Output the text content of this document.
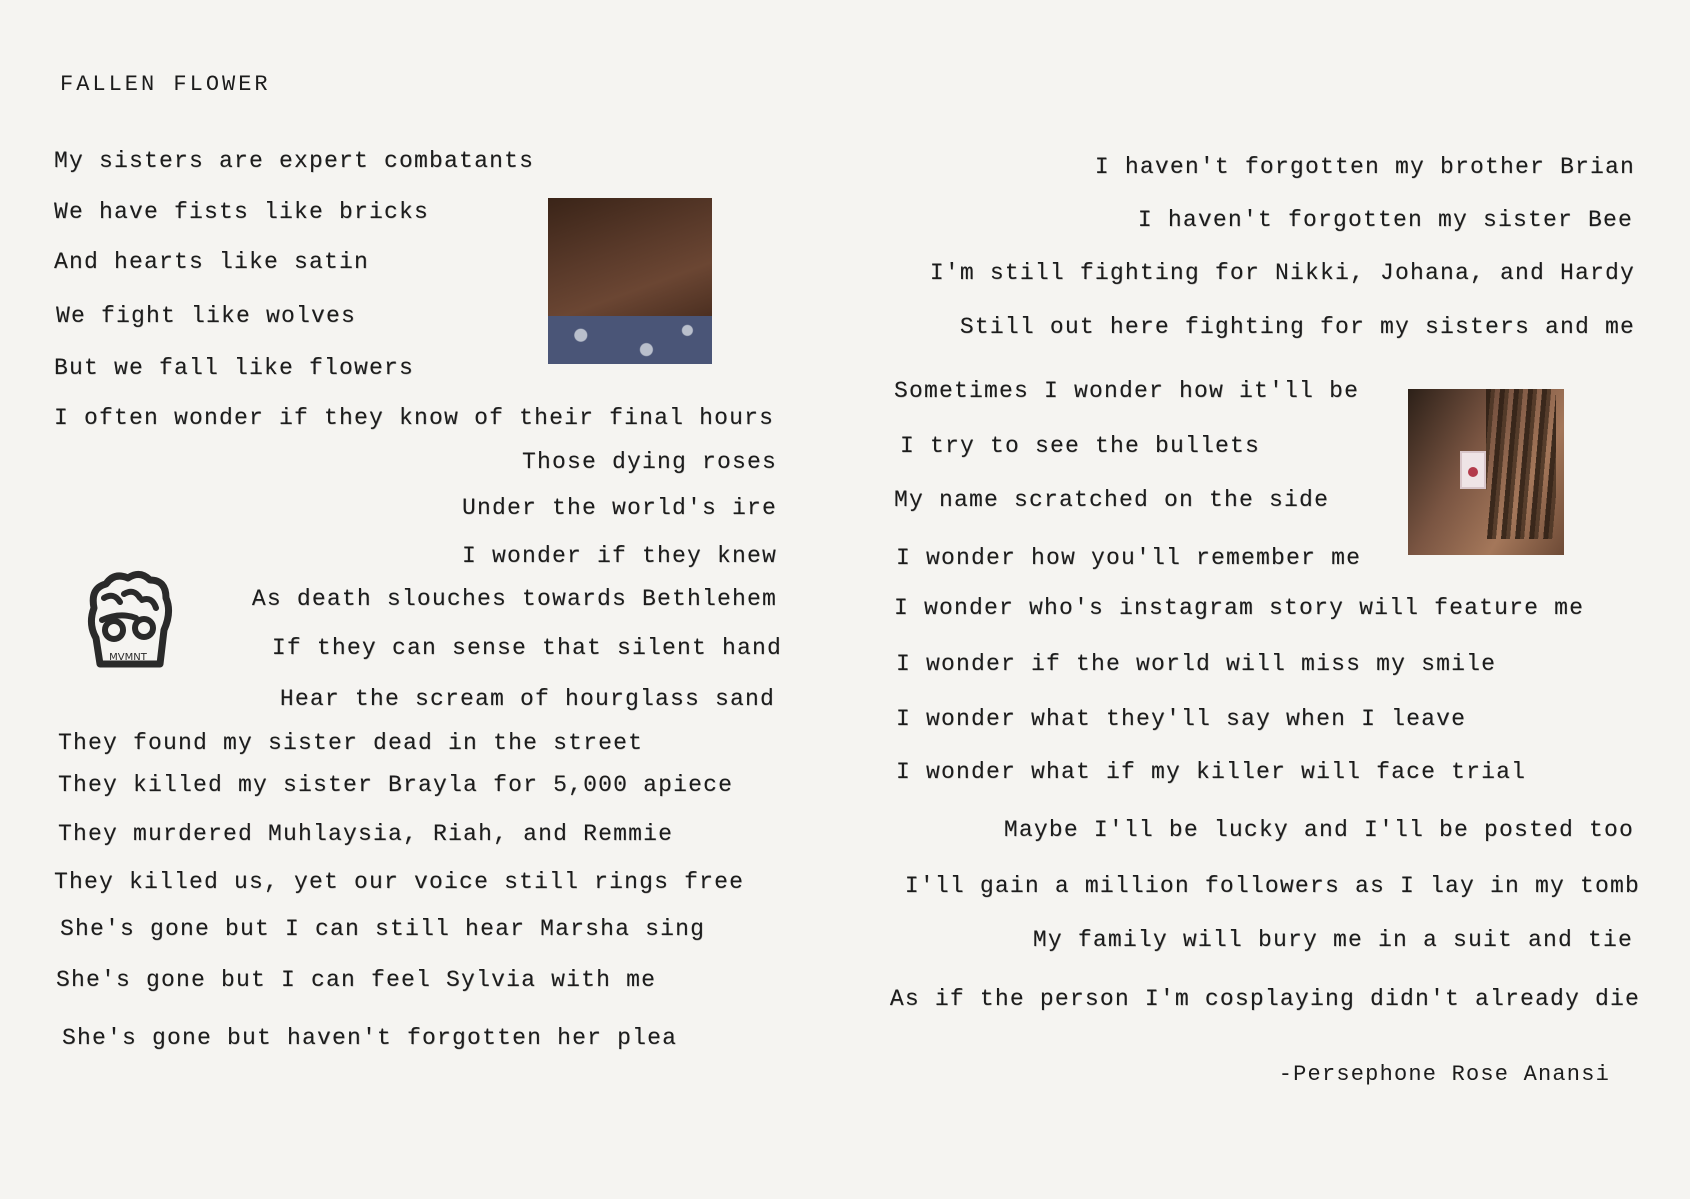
FALLEN FLOWER
My sisters are expert combatants
We have fists like bricks
And hearts like satin
We fight like wolves
But we fall like flowers
I often wonder if they know of their final hours
Those dying roses
Under the world's ire
I wonder if they knew
As death slouches towards Bethlehem
If they can sense that silent hand
Hear the scream of hourglass sand
They found my sister dead in the street
They killed my sister Brayla for 5,000 apiece
They murdered Muhlaysia, Riah, and Remmie
They killed us, yet our voice still rings free
She's gone but I can still hear Marsha sing
She's gone but I can feel Sylvia with me
She's gone but haven't forgotten her plea
MVMNT
I haven't forgotten my brother Brian
I haven't forgotten my sister Bee
I'm still fighting for Nikki, Johana, and Hardy
Still out here fighting for my sisters and me
Sometimes I wonder how it'll be
I try to see the bullets
My name scratched on the side
I wonder how you'll remember me
I wonder who's instagram story will feature me
I wonder if the world will miss my smile
I wonder what they'll say when I leave
I wonder what if my killer will face trial
Maybe I'll be lucky and I'll be posted too
I'll gain a million followers as I lay in my tomb
My family will bury me in a suit and tie
As if the person I'm cosplaying didn't already die
-Persephone Rose Anansi
